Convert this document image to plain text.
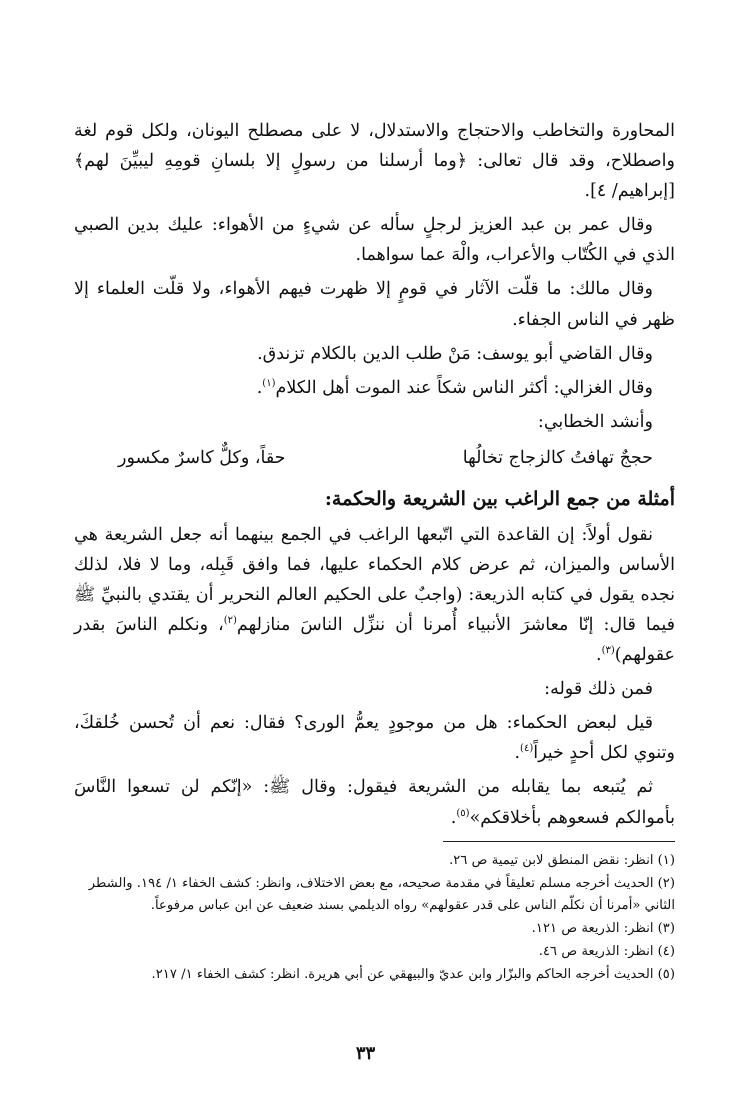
المحاورة والتخاطب والاحتجاج والاستدلال، لا على مصطلح اليونان، ولكل قوم لغة واصطلاح، وقد قال تعالى: ﴿وما أرسلنا من رسولٍ إلا بلسانِ قومِهِ ليبيِّنَ لهم﴾ [إبراهيم/ ٤].

وقال عمر بن عبد العزيز لرجلٍ سأله عن شيءٍ من الأهواء: عليك بدين الصبي الذي في الكُتّاب والأعراب، والْهَ عما سواهما.

وقال مالك: ما قلّت الآثار في قومٍ إلا ظهرت فيهم الأهواء، ولا قلّت العلماء إلا ظهر في الناس الجفاء.

وقال القاضي أبو يوسف: مَنْ طلب الدين بالكلام تزندق.

وقال الغزالي: أكثر الناس شكاً عند الموت أهل الكلام$^{(١)}$.

وأنشد الخطابي:

حججٌ تهافتُ كالزجاج تخالُها
حقاً، وكلٌّ كاسرٌ مكسور
أمثلة من جمع الراغب بين الشريعة والحكمة:

نقول أولاً: إن القاعدة التي اتّبعها الراغب في الجمع بينهما أنه جعل الشريعة هي الأساس والميزان، ثم عرض كلام الحكماء عليها، فما وافق قَبِله، وما لا فلا، لذلك نجده يقول في كتابه الذريعة: (واجبٌ على الحكيم العالم النحرير أن يقتدي بالنبيِّ ﷺ فيما قال: إنّا معاشرَ الأنبياء أُمرنا أن ننزِّل الناسَ منازلهم$^{(٢)}$، ونكلم الناسَ بقدر عقولهم)$^{(٣)}$.

فمن ذلك قوله:

قيل لبعض الحكماء: هل من موجودٍ يعمُّ الورى؟ فقال: نعم أن تُحسن خُلقكَ، وتنوي لكل أحدٍ خيراً$^{(٤)}$.

ثم يُتبعه بما يقابله من الشريعة فيقول: وقال ﷺ: «إنّكم لن تسعوا النَّاسَ بأموالكم فسعوهم بأخلاقكم»$^{(٥)}$.

(١)انظر: نقض المنطق لابن تيمية ص ٢٦.

(٢)الحديث أخرجه مسلم تعليقاً في مقدمة صحيحه، مع بعض الاختلاف، وانظر: كشف الخفاء ١/ ١٩٤. والشطر الثاني «أمرنا أن نكلّم الناس على قدر عقولهم» رواه الديلمي بسند ضعيف عن ابن عباس مرفوعاً.

(٣)انظر: الذريعة ص ١٢١.

(٤)انظر: الذريعة ص ٤٦.

(٥)الحديث أخرجه الحاكم والبزّار وابن عديّ والبيهقي عن أبي هريرة. انظر: كشف الخفاء ١/ ٢١٧.

٣٣
